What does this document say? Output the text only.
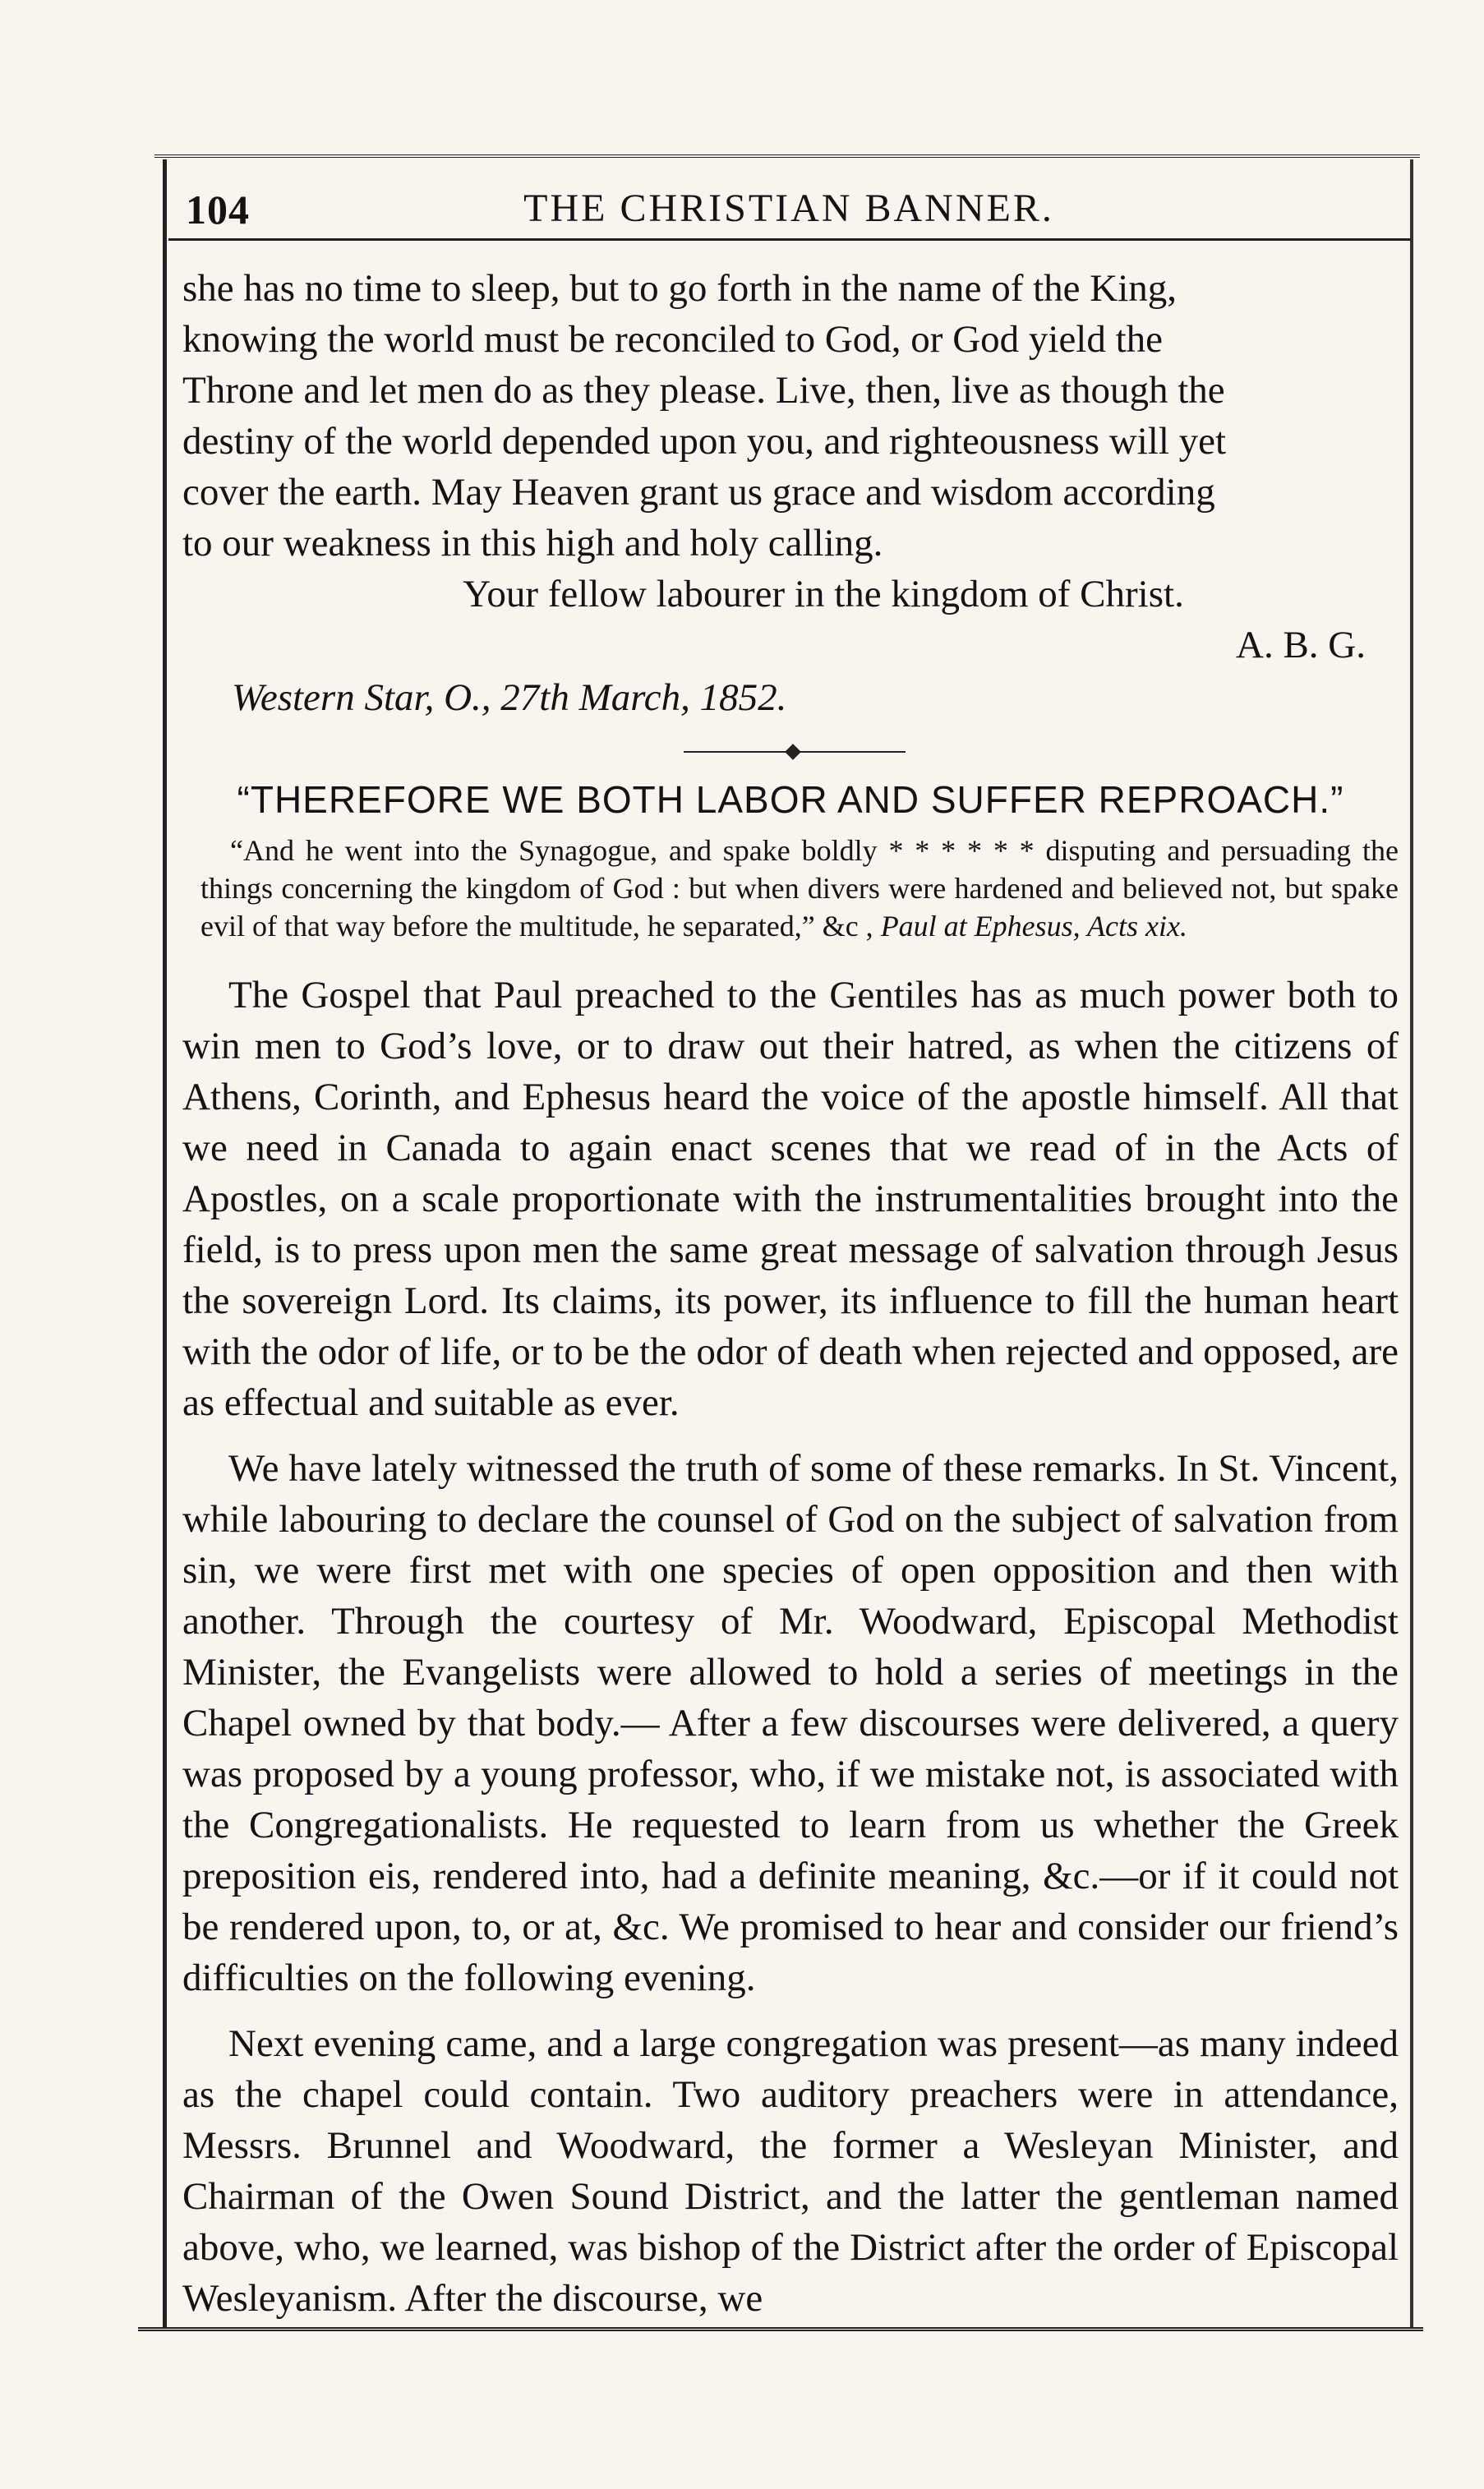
104	THE CHRISTIAN BANNER.

she has no time to sleep, but to go forth in the name of the King,

knowing the world must be reconciled to God, or God yield the

Throne and let men do as they please. Live, then, live as though the

destiny of the world depended upon you, and righteousness will yet

cover the earth. May Heaven grant us grace and wisdom according

to our weakness in this high and holy calling.

Your fellow labourer in the kingdom of Christ.

A. B. G.

Western Star, O., 27th March, 1852.

“THEREFORE WE BOTH LABOR AND SUFFER REPROACH.”

“And he went into the Synagogue, and spake boldly * * * * * * disputing and persuading the things concerning the kingdom of God : but when divers were hardened and believed not, but spake evil of that way before the multitude, he separated,” &c , Paul at Ephesus, Acts xix.

The Gospel that Paul preached to the Gentiles has as much power both to win men to God’s love, or to draw out their hatred, as when the citizens of Athens, Corinth, and Ephesus heard the voice of the apostle himself. All that we need in Canada to again enact scenes that we read of in the Acts of Apostles, on a scale proportionate with the instrumentalities brought into the field, is to press upon men the same great message of salvation through Jesus the sovereign Lord. Its claims, its power, its influence to fill the human heart with the odor of life, or to be the odor of death when rejected and opposed, are as effectual and suitable as ever.

We have lately witnessed the truth of some of these remarks. In St. Vincent, while labouring to declare the counsel of God on the subject of salvation from sin, we were first met with one species of open opposition and then with another. Through the courtesy of Mr. Woodward, Episcopal Methodist Minister, the Evangelists were allowed to hold a series of meetings in the Chapel owned by that body.— After a few discourses were delivered, a query was proposed by a young professor, who, if we mistake not, is associated with the Congregationalists. He requested to learn from us whether the Greek preposition eis, rendered into, had a definite meaning, &c.—or if it could not be rendered upon, to, or at, &c. We promised to hear and consider our friend’s difficulties on the following evening.

Next evening came, and a large congregation was present—as many indeed as the chapel could contain. Two auditory preachers were in attendance, Messrs. Brunnel and Woodward, the former a Wesleyan Minister, and Chairman of the Owen Sound District, and the latter the gentleman named above, who, we learned, was bishop of the District after the order of Episcopal Wesleyanism. After the discourse, we
